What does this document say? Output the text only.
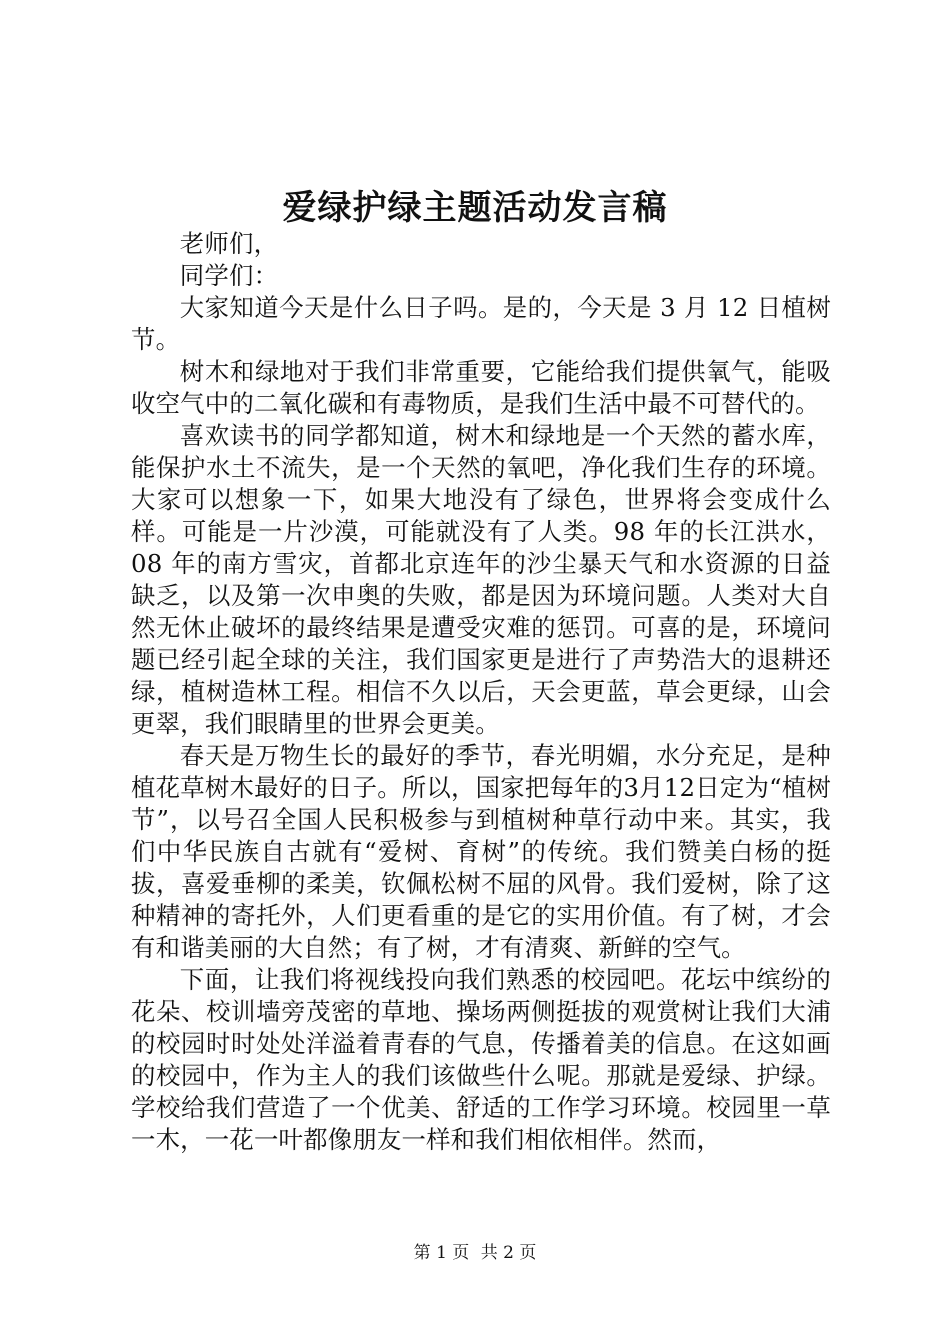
爱绿护绿主题活动发言稿

老师们，

同学们：

大家知道今天是什么日子吗。是的，今天是 3 月 12 日植树节。

树木和绿地对于我们非常重要，它能给我们提供氧气，能吸收空气中的二氧化碳和有毒物质，是我们生活中最不可替代的。

喜欢读书的同学都知道，树木和绿地是一个天然的蓄水库，能保护水土不流失，是一个天然的氧吧，净化我们生存的环境。大家可以想象一下，如果大地没有了绿色，世界将会变成什么样。可能是一片沙漠，可能就没有了人类。98 年的长江洪水，08 年的南方雪灾，首都北京连年的沙尘暴天气和水资源的日益缺乏，以及第一次申奥的失败，都是因为环境问题。人类对大自然无休止破坏的最终结果是遭受灾难的惩罚。可喜的是，环境问题已经引起全球的关注，我们国家更是进行了声势浩大的退耕还绿，植树造林工程。相信不久以后，天会更蓝，草会更绿，山会更翠，我们眼睛里的世界会更美。

春天是万物生长的最好的季节，春光明媚，水分充足，是种植花草树木最好的日子。所以，国家把每年的3月12日定为“植树节”，以号召全国人民积极参与到植树种草行动中来。其实，我们中华民族自古就有“爱树、育树”的传统。我们赞美白杨的挺拔，喜爱垂柳的柔美，钦佩松树不屈的风骨。我们爱树，除了这种精神的寄托外，人们更看重的是它的实用价值。有了树，才会有和谐美丽的大自然；有了树，才有清爽、新鲜的空气。

下面，让我们将视线投向我们熟悉的校园吧。花坛中缤纷的花朵、校训墙旁茂密的草地、操场两侧挺拔的观赏树让我们大浦的校园时时处处洋溢着青春的气息，传播着美的信息。在这如画的校园中，作为主人的我们该做些什么呢。那就是爱绿、护绿。学校给我们营造了一个优美、舒适的工作学习环境。校园里一草一木，一花一叶都像朋友一样和我们相依相伴。然而，

第 1 页 共 2 页
